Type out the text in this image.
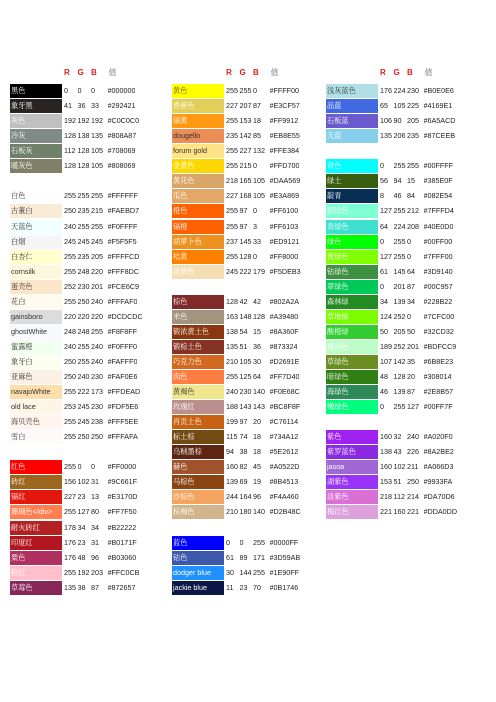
R G B 值
黑色	0 0 0 #000000
象牙黑	41 36 33 #292421
灰色	192 192 192 #C0C0C0
冷灰	128 138 135 #808A87
石板灰	112 128 105 #708069
暖灰色	128 128 105 #808069
白色	255 255 255 #FFFFFF
古董白	250 235 215 #FAEBD7
天蓝色	240 255 255 #F0FFFF
白烟	245 245 245 #F5F5F5
白杏仁	255 235 205 #FFFFCD
cornsilk	255 248 220 #FFF8DC
蛋壳色	252 230 201 #FCE6C9
花白	255 250 240 #FFFAF0
gainsboro	220 220 220 #DCDCDC
ghostWhite	248 248 255 #F8F8FF
蜜露橙	240 255 240 #F0FFF0
象牙白	250 255 240 #FAFFF0
亚麻色	250 240 230 #FAF0E6
navajoWhite	255 222 173 #FFDEAD
old lace	253 245 230 #FDF5E6
海贝壳色	255 245 238 #FFF5EE
雪白	255 250 250 #FFFAFA
红色	255 0 0 #FF0000
砖红	156 102 31 #9C661F
镉红	227 23 13 #E3170D
珊瑚色</div>	255 127 80 #FF7F50
耐火砖红	178 34 34 #B22222
印度红	176 23 31 #B0171F
栗色	176 48 96 #B03060
粉红	255 192 203 #FFC0CB
草莓色	135 38 87 #872657
R G B 值
黄色	255 255 0 #FFFF00
香蕉色	227 207 87 #E3CF57
镉黄	255 153 18 #FF9912
dougello	235 142 85 #EB8E55
forum gold	255 227 132 #FFE384
金黄色	255 215 0 #FFD700
黄花色	218 165 105 #DAA569
瓜色	227 168 105 #E3A869
橙色	255 97 0 #FF6100
镉橙	255 97 3 #FF6103
胡萝卜色	237 145 33 #ED9121
桔黄	255 128 0 #FF8000
淡黄色	245 222 179 #F5DEB3
棕色	128 42 42 #802A2A
米色	163 148 128 #A39480
锻浓黄土色	138 54 15 #8A360F
锻棕土色	135 51 36 #873324
巧克力色	210 105 30 #D2691E
肉色	255 125 64 #FF7D40
黄褐色	240 230 140 #F0E68C
玫瑰红	188 143 143 #BC8F8F
肖贡土色	199 97 20 #C76114
标土棕	115 74 18 #734A12
乌贼墨棕	94 38 18 #5E2612
赫色	160 82 45 #A0522D
马棕色	139 69 19 #8B4513
沙棕色	244 164 96 #F4A460
棕褐色	210 180 140 #D2B48C
蓝色	0 0 255 #0000FF
钴色	61 89 171 #3D59AB
dodger blue	30 144 255 #1E90FF
jackie blue	11 23 70 #0B1746
R G B 值
浅灰蓝色	176 224 230 #B0E0E6
品蓝	65 105 225 #4169E1
石板蓝	106 90 205 #6A5ACD
天蓝	135 206 235 #87CEEB
青色	0 255 255 #00FFFF
绿土	56 94 15 #385E0F
靛青	8 46 84 #082E54
碧绿色	127 255 212 #7FFFD4
青绿色	64 224 208 #40E0D0
绿色	0 255 0 #00FF00
黄绿色	127 255 0 #7FFF00
钴绿色	61 145 64 #3D9140
翠绿色	0 201 87 #00C957
森林绿	34 139 34 #228B22
草地绿	124 252 0 #7CFC00
酸橙绿	50 205 50 #32CD32
薄荷色	189 252 201 #BDFCC9
草绿色	107 142 35 #6B8E23
暗绿色	48 128 20 #308014
海绿色	46 139 87 #2E8B57
嫩绿色	0 255 127 #00FF7F
紫色	160 32 240 #A020F0
紫罗蓝色	138 43 226 #8A2BE2
jasoa	160 102 211 #A066D3
湖紫色	153 51 250 #9933FA
淡紫色	218 112 214 #DA70D6
梅红色	221 160 221 #DDA0DD
